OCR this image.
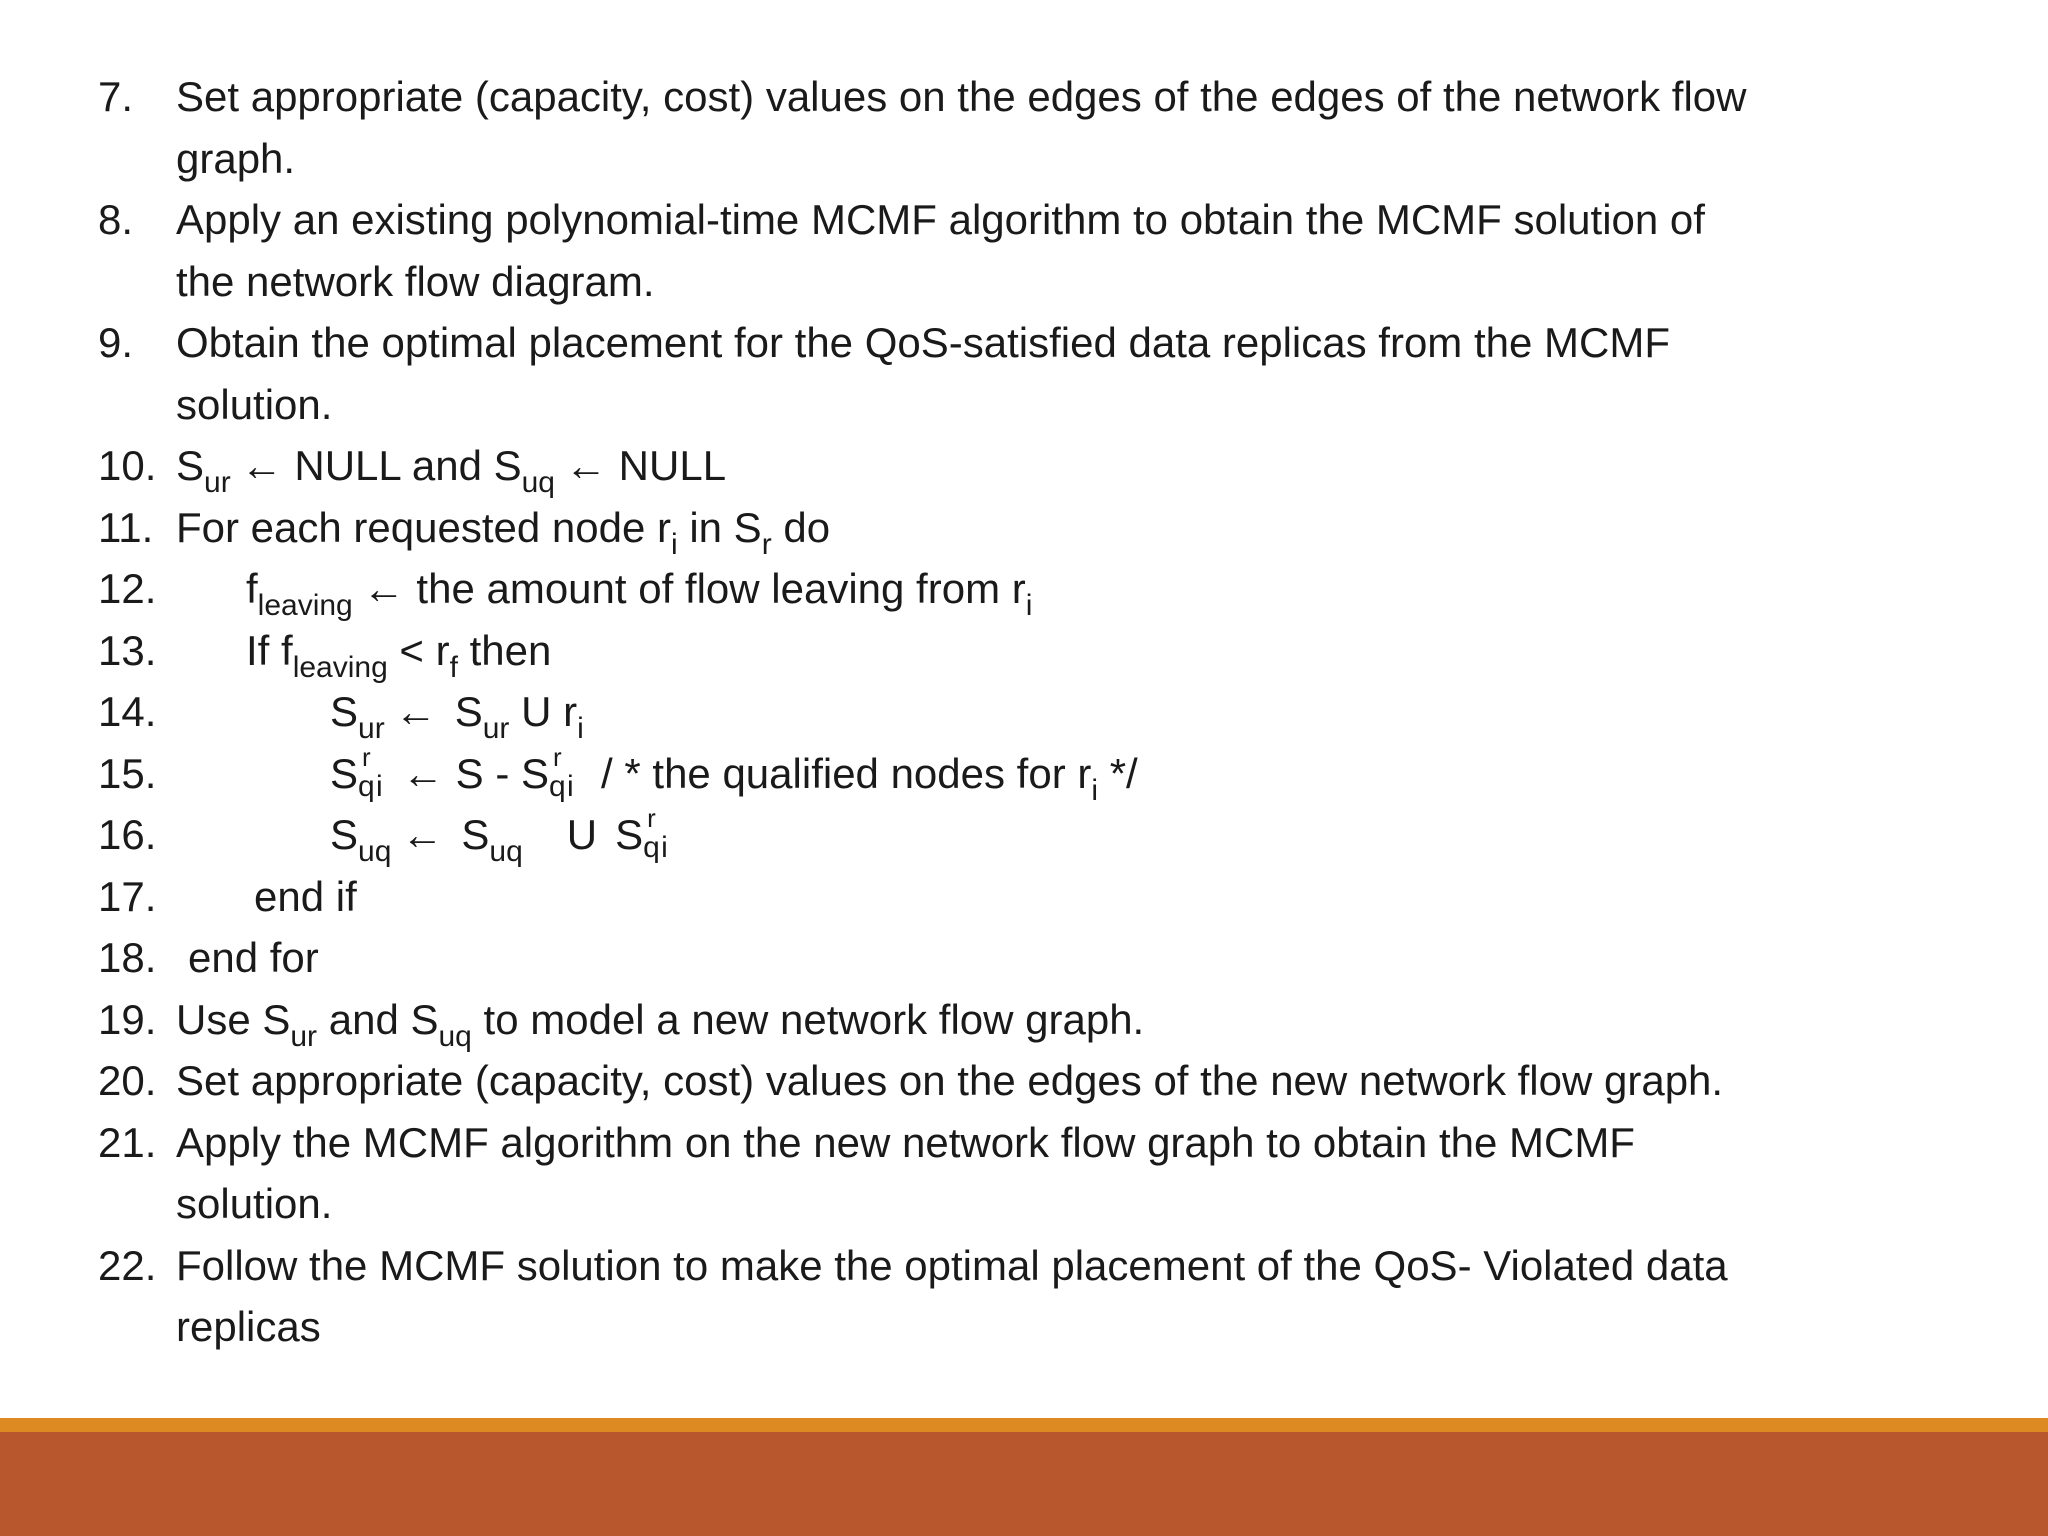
7. Set appropriate (capacity, cost) values on the edges of the edges of the network flow
graph.
8. Apply an existing polynomial-time MCMF algorithm to obtain the MCMF solution of
the network flow diagram.
9. Obtain the optimal placement for the QoS-satisfied data replicas from the MCMF
solution.
10. $S_{ur}$ ← NULL and $S_{uq}$ ← NULL
11. For each requested node $r_i$ in $S_r$ do
12. $f_{leaving}$ ← the amount of flow leaving from $r_i$
13. If $f_{leaving} < r_f$ then
14.	$S_{ur}$ ← $S_{ur}$ U $r_i$
15.	S r
q i ← S - S r
q i / * the qualified nodes for $r_i$ */
16.	$S_{uq}$ ← $S_{uq}$ U S r
q i
17. end if
18. end for
19. Use $S_{ur}$ and $S_{uq}$ to model a new network flow graph.
20. Set appropriate (capacity, cost) values on the edges of the new network flow graph.
21. Apply the MCMF algorithm on the new network flow graph to obtain the MCMF
solution.
22. Follow the MCMF solution to make the optimal placement of the QoS- Violated data
replicas
